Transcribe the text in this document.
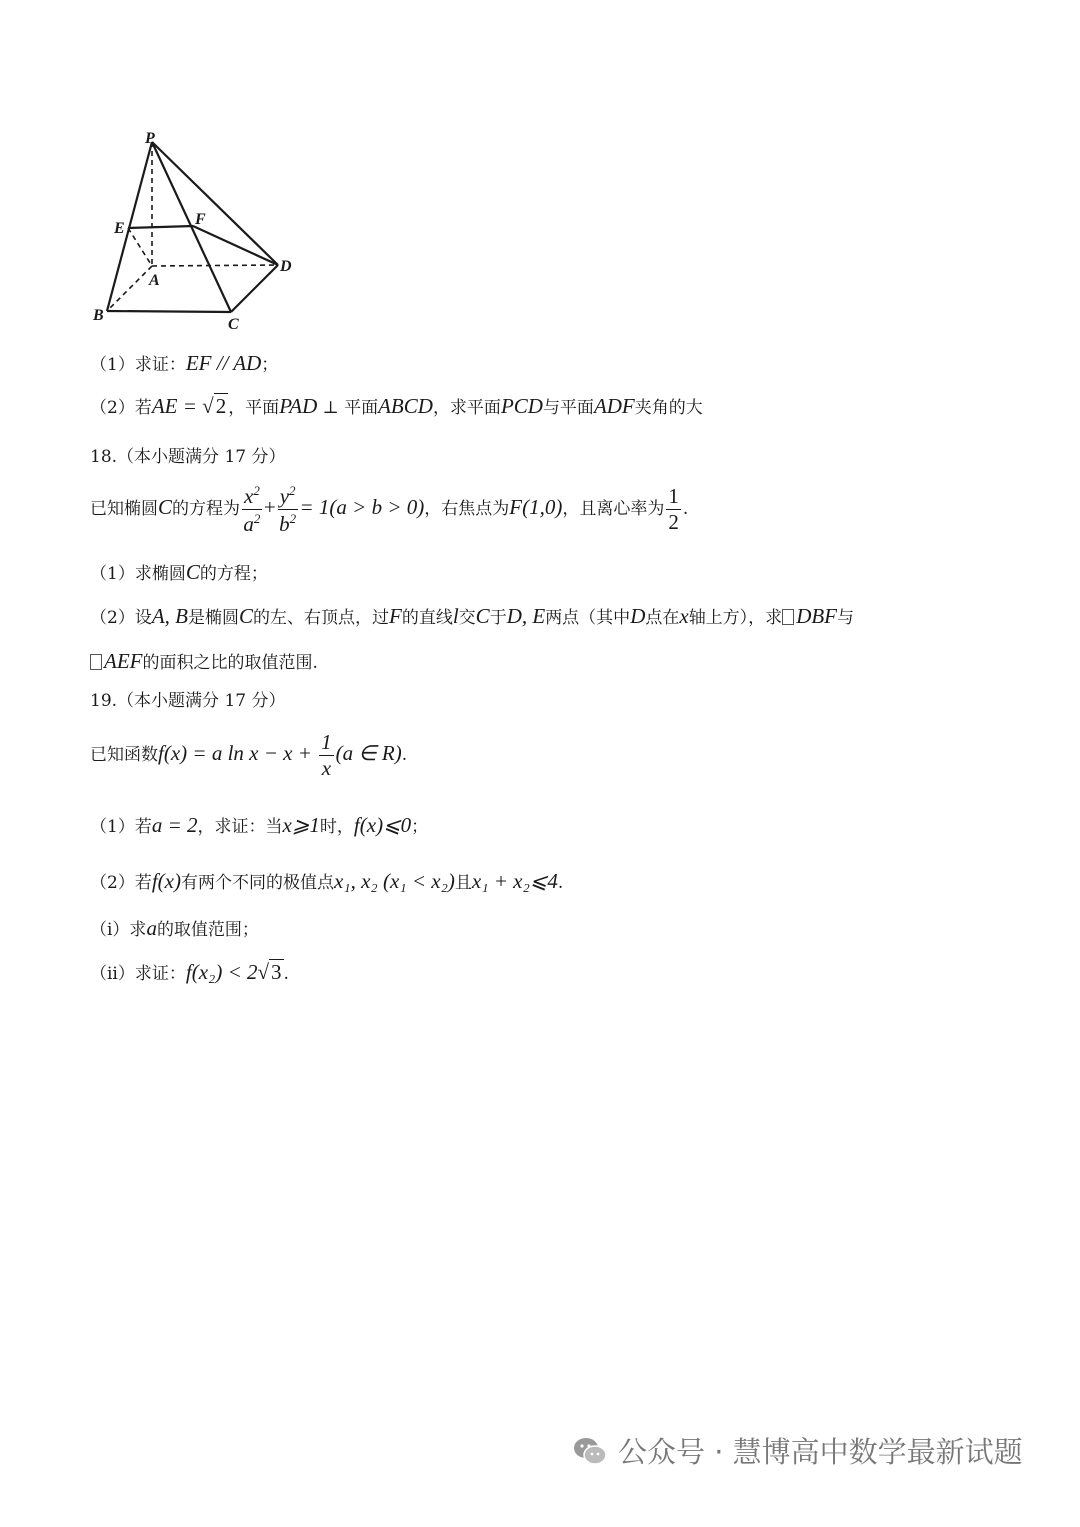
P
E
F
A
D
B
C
（1）求证：EF // AD；
（2）若AE = √2 ，平面PAD ⊥ 平面ABCD，求平面PCD与平面ADF夹角的大
18.（本小题满分 17 分）
已知椭圆C的方程为 $\frac{x^2}{a^2} + \frac{y^2}{b^2} = 1(a > b > 0)$，右焦点为F(1,0)，且离心率为 $\frac{1}{2}$ .
（1）求椭圆C的方程；
（2）设A, B是椭圆C的左、右顶点，过F的直线l交C于D, E两点（其中D点在x轴上方），求 DBF与
AEF的面积之比的取值范围.
19.（本小题满分 17 分）
已知函数f(x) = a $\ln x - x + \frac{1}{x} (a$ ∈ R).
（1）若a = 2，求证：当x⩾1时，f(x)⩽0；
（2）若f(x)有两个不同的极值点x₁, x₂ (x₁ < x₂)且x₁ + x₂⩽4.
（i）求a的取值范围；
（ii）求证：f(x₂) < 2√3 .
公众号 · 慧博高中数学最新试题
